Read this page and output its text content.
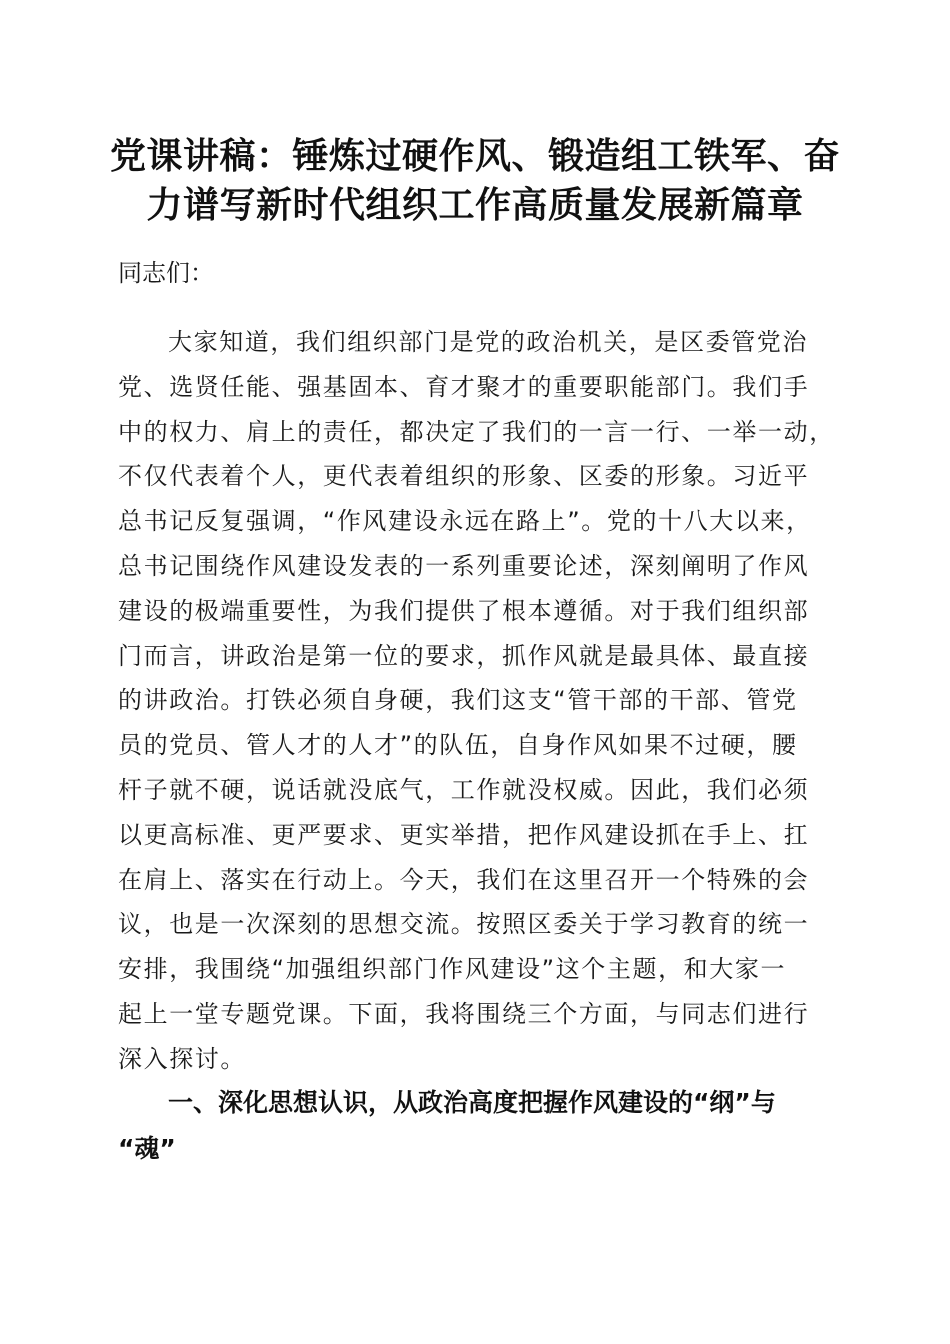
党课讲稿：锤炼过硬作风、锻造组工铁军、奋
力谱写新时代组织工作高质量发展新篇章

同志们：

大家知道，我们组织部门是党的政治机关，是区委管党治
党、选贤任能、强基固本、育才聚才的重要职能部门。我们手
中的权力、肩上的责任，都决定了我们的一言一行、一举一动，
不仅代表着个人，更代表着组织的形象、区委的形象。习近平
总书记反复强调，“作风建设永远在路上”。党的十八大以来，
总书记围绕作风建设发表的一系列重要论述，深刻阐明了作风
建设的极端重要性，为我们提供了根本遵循。对于我们组织部
门而言，讲政治是第一位的要求，抓作风就是最具体、最直接
的讲政治。打铁必须自身硬，我们这支“管干部的干部、管党
员的党员、管人才的人才”的队伍，自身作风如果不过硬，腰
杆子就不硬，说话就没底气，工作就没权威。因此，我们必须
以更高标准、更严要求、更实举措，把作风建设抓在手上、扛
在肩上、落实在行动上。今天，我们在这里召开一个特殊的会
议，也是一次深刻的思想交流。按照区委关于学习教育的统一
安排，我围绕“加强组织部门作风建设”这个主题，和大家一
起上一堂专题党课。下面，我将围绕三个方面，与同志们进行
深入探讨。
一、深化思想认识，从政治高度把握作风建设的“纲”与
“魂”
